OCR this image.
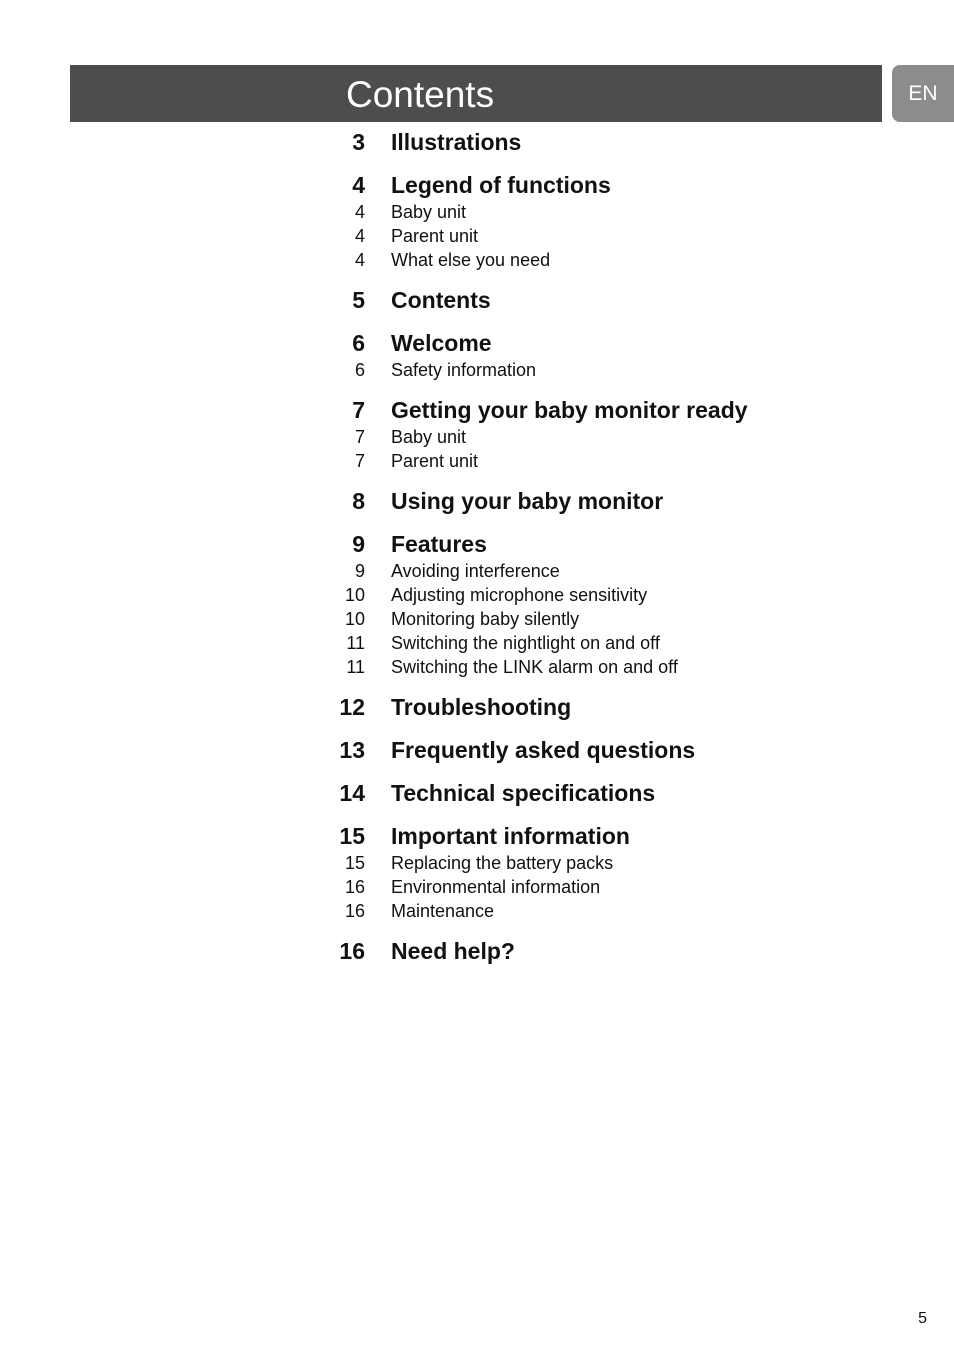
Contents	EN
3 Illustrations
4 Legend of functions
4 Baby unit
4 Parent unit
4 What else you need
5 Contents
6 Welcome
6 Safety information
7 Getting your baby monitor ready
7 Baby unit
7 Parent unit
8 Using your baby monitor
9 Features
9 Avoiding interference
10 Adjusting microphone sensitivity
10 Monitoring baby silently
11 Switching the nightlight on and off
11 Switching the LINK alarm on and off
12 Troubleshooting
13 Frequently asked questions
14 Technical specifications
15 Important information
15 Replacing the battery packs
16 Environmental information
16 Maintenance
16 Need help?
5
